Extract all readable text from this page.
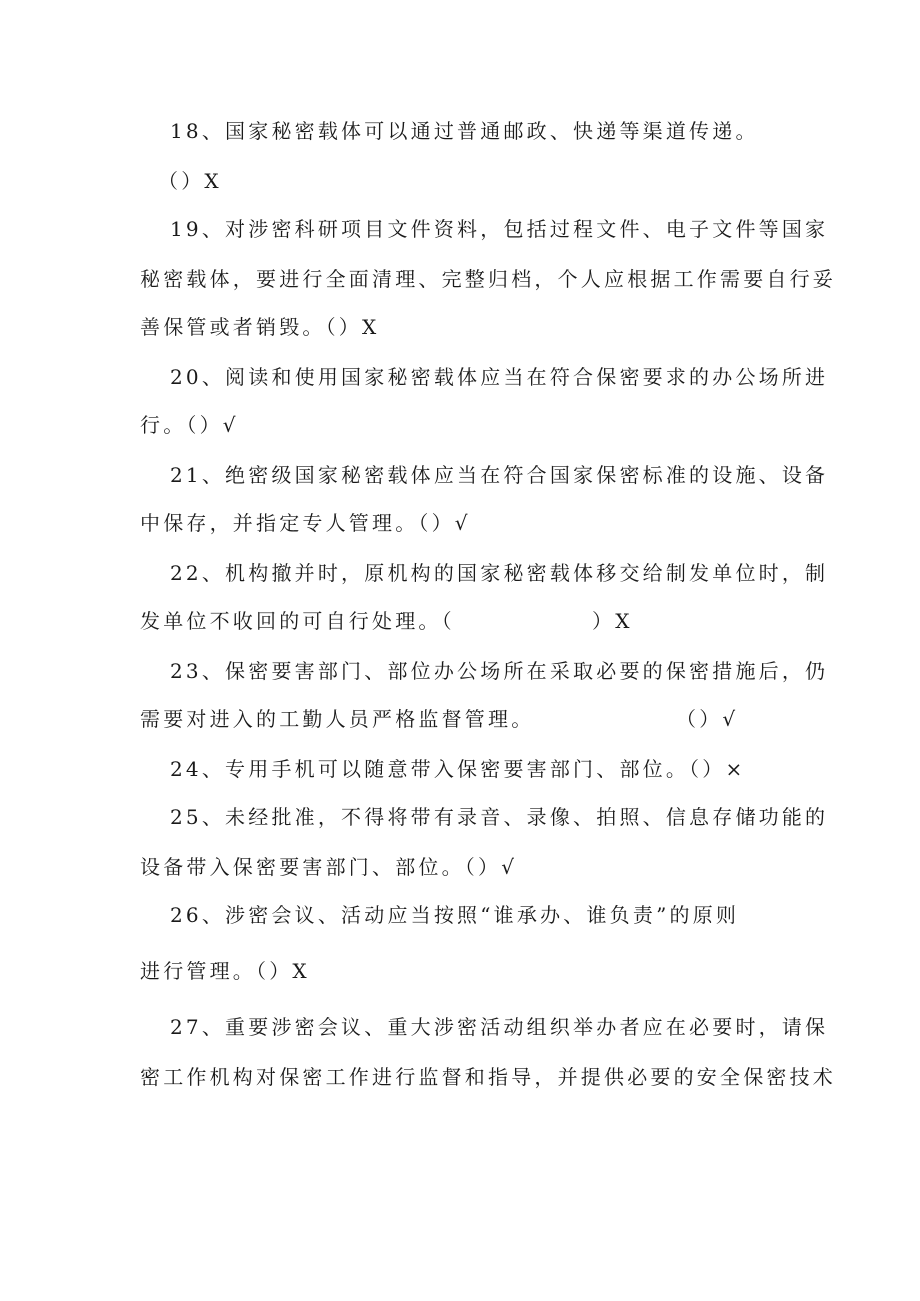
18、国家秘密载体可以通过普通邮政、快递等渠道传递。
（）X
19、对涉密科研项目文件资料，包括过程文件、电子文件等国家
秘密载体，要进行全面清理、完整归档，个人应根据工作需要自行妥
善保管或者销毁。（）X
20、阅读和使用国家秘密载体应当在符合保密要求的办公场所进
行。（）√
21、绝密级国家秘密载体应当在符合国家保密标准的设施、设备
中保存，并指定专人管理。（）√
22、机构撤并时，原机构的国家秘密载体移交给制发单位时，制
发单位不收回的可自行处理。（	）X
23、保密要害部门、部位办公场所在采取必要的保密措施后，仍
需要对进入的工勤人员严格监督管理。	（）√
24、专用手机可以随意带入保密要害部门、部位。（）×
25、未经批准，不得将带有录音、录像、拍照、信息存储功能的
设备带入保密要害部门、部位。（）√
26、涉密会议、活动应当按照“谁承办、谁负责”的原则
进行管理。（）X
27、重要涉密会议、重大涉密活动组织举办者应在必要时，请保
密工作机构对保密工作进行监督和指导，并提供必要的安全保密技术
